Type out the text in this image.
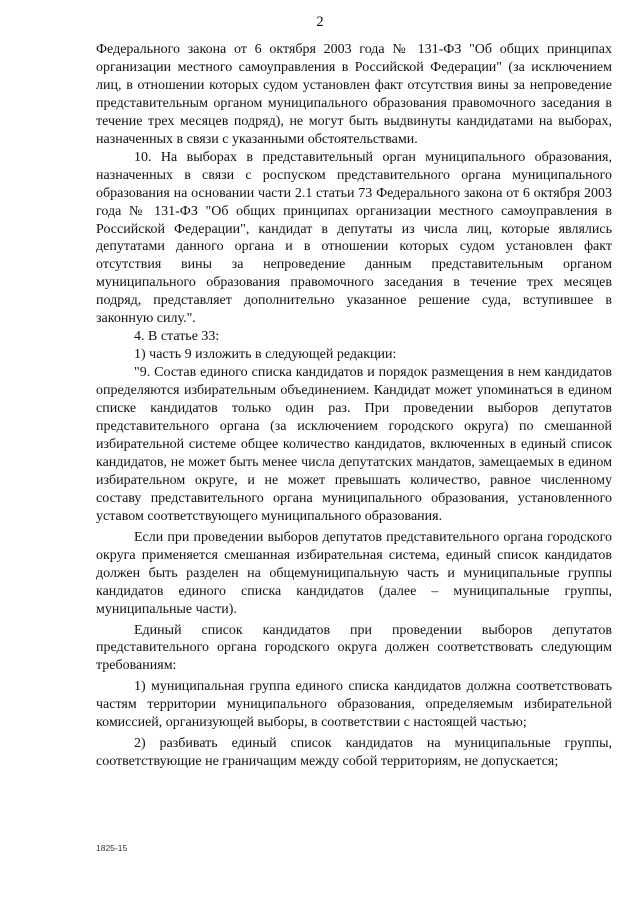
2

Федерального закона от 6 октября 2003 года № 131-ФЗ "Об общих принципах организации местного самоуправления в Российской Федерации" (за исключением лиц, в отношении которых судом установлен факт отсутствия вины за непроведение представительным органом муниципального образования правомочного заседания в течение трех месяцев подряд), не могут быть выдвинуты кандидатами на выборах, назначенных в связи с указанными обстоятельствами.

10. На выборах в представительный орган муниципального образования, назначенных в связи с роспуском представительного органа муниципального образования на основании части 2.1 статьи 73 Федерального закона от 6 октября 2003 года № 131-ФЗ "Об общих принципах организации местного самоуправления в Российской Федерации", кандидат в депутаты из числа лиц, которые являлись депутатами данного органа и в отношении которых судом установлен факт отсутствия вины за непроведение данным представительным органом муниципального образования правомочного заседания в течение трех месяцев подряд, представляет дополнительно указанное решение суда, вступившее в законную силу.".

4. В статье 33:

1) часть 9 изложить в следующей редакции:

"9. Состав единого списка кандидатов и порядок размещения в нем кандидатов определяются избирательным объединением. Кандидат может упоминаться в едином списке кандидатов только один раз. При проведении выборов депутатов представительного органа (за исключением городского округа) по смешанной избирательной системе общее количество кандидатов, включенных в единый список кандидатов, не может быть менее числа депутатских мандатов, замещаемых в едином избирательном округе, и не может превышать количество, равное численному составу представительного органа муниципального образования, установленного уставом соответствующего муниципального образования.

Если при проведении выборов депутатов представительного органа городского округа применяется смешанная избирательная система, единый список кандидатов должен быть разделен на общемуниципальную часть и муниципальные группы кандидатов единого списка кандидатов (далее – муниципальные группы, муниципальные части).

Единый список кандидатов при проведении выборов депутатов представительного органа городского округа должен соответствовать следующим требованиям:

1) муниципальная группа единого списка кандидатов должна соответствовать частям территории муниципального образования, определяемым избирательной комиссией, организующей выборы, в соответствии с настоящей частью;

2) разбивать единый список кандидатов на муниципальные группы, соответствующие не граничащим между собой территориям, не допускается;

1825-15
